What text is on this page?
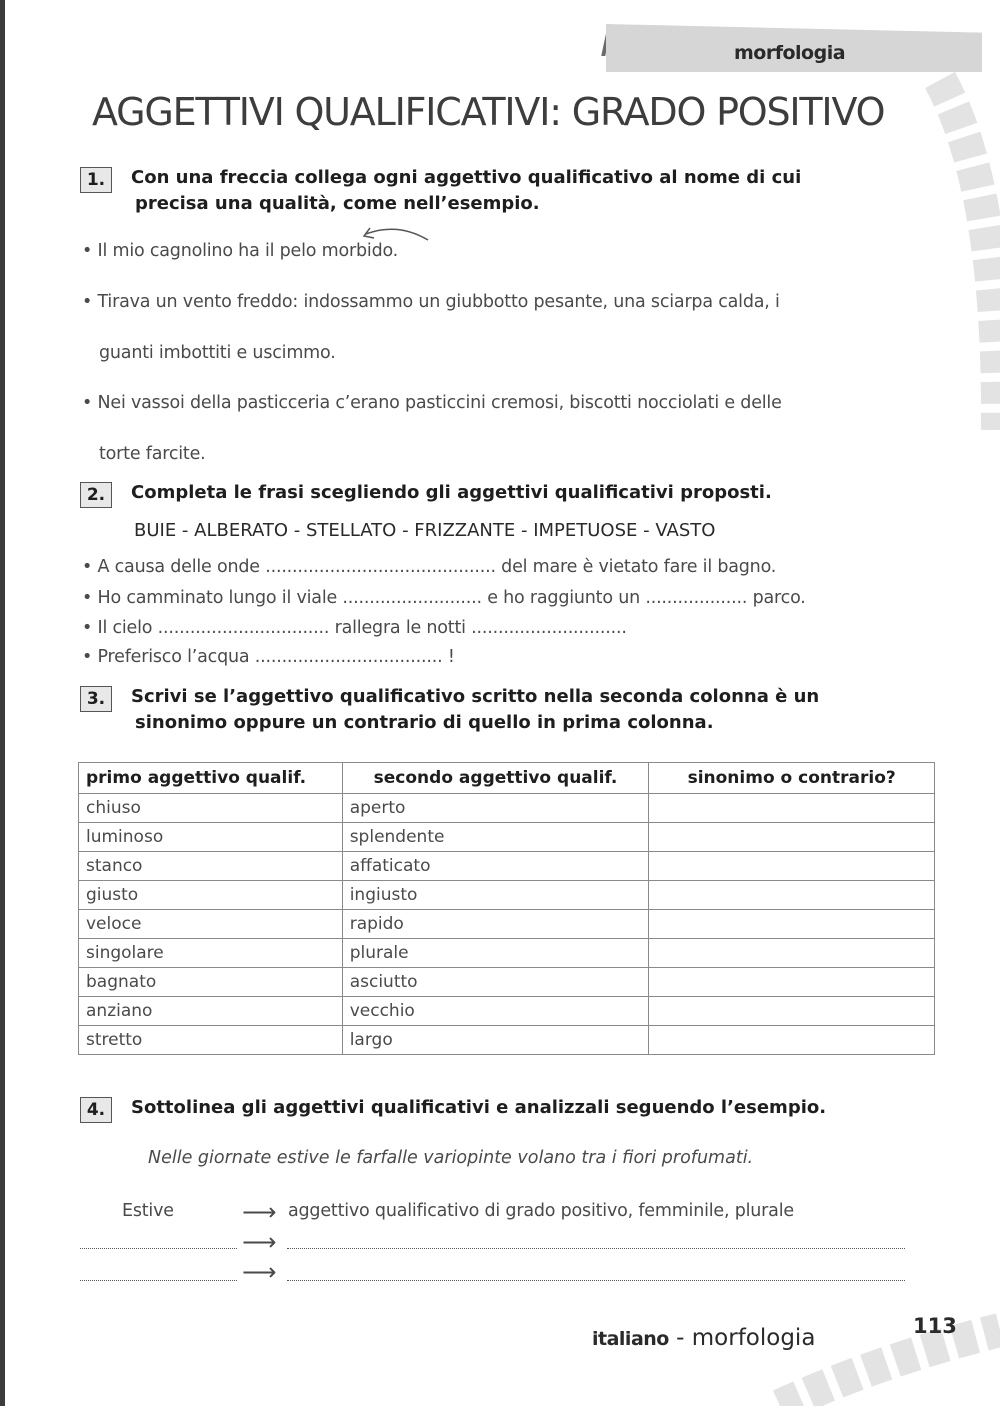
morfologia
AGGETTIVI QUALIFICATIVI: GRADO POSITIVO
1.	Con una freccia collega ogni aggettivo qualificativo al nome di cui
precisa una qualità, come nell’esempio.
• Il mio cagnolino ha il pelo morbido.
• Tirava un vento freddo: indossammo un giubbotto pesante, una sciarpa calda, i
guanti imbottiti e uscimmo.
• Nei vassoi della pasticceria c’erano pasticcini cremosi, biscotti nocciolati e delle
torte farcite.
2.	Completa le frasi scegliendo gli aggettivi qualificativi proposti.
BUIE - ALBERATO - STELLATO - FRIZZANTE - IMPETUOSE - VASTO
• A causa delle onde ........................................... del mare è vietato fare il bagno.
• Ho camminato lungo il viale .......................... e ho raggiunto un ................... parco.
• Il cielo ................................ rallegra le notti .............................
• Preferisco l’acqua ................................... !
3.	Scrivi se l’aggettivo qualificativo scritto nella seconda colonna è un
sinonimo oppure un contrario di quello in prima colonna.
primo aggettivo qualif.	secondo aggettivo qualif.	sinonimo o contrario?
chiuso	aperto	
luminoso	splendente	
stanco	affaticato	
giusto	ingiusto	
veloce	rapido	
singolare	plurale	
bagnato	asciutto	
anziano	vecchio	
stretto	largo	
4.	Sottolinea gli aggettivi qualificativi e analizzali seguendo l’esempio.
Nelle giornate estive le farfalle variopinte volano tra i fiori profumati.
Estive	⟶ aggettivo qualificativo di grado positivo, femminile, plurale
⟶
⟶
italiano - morfologia	113
